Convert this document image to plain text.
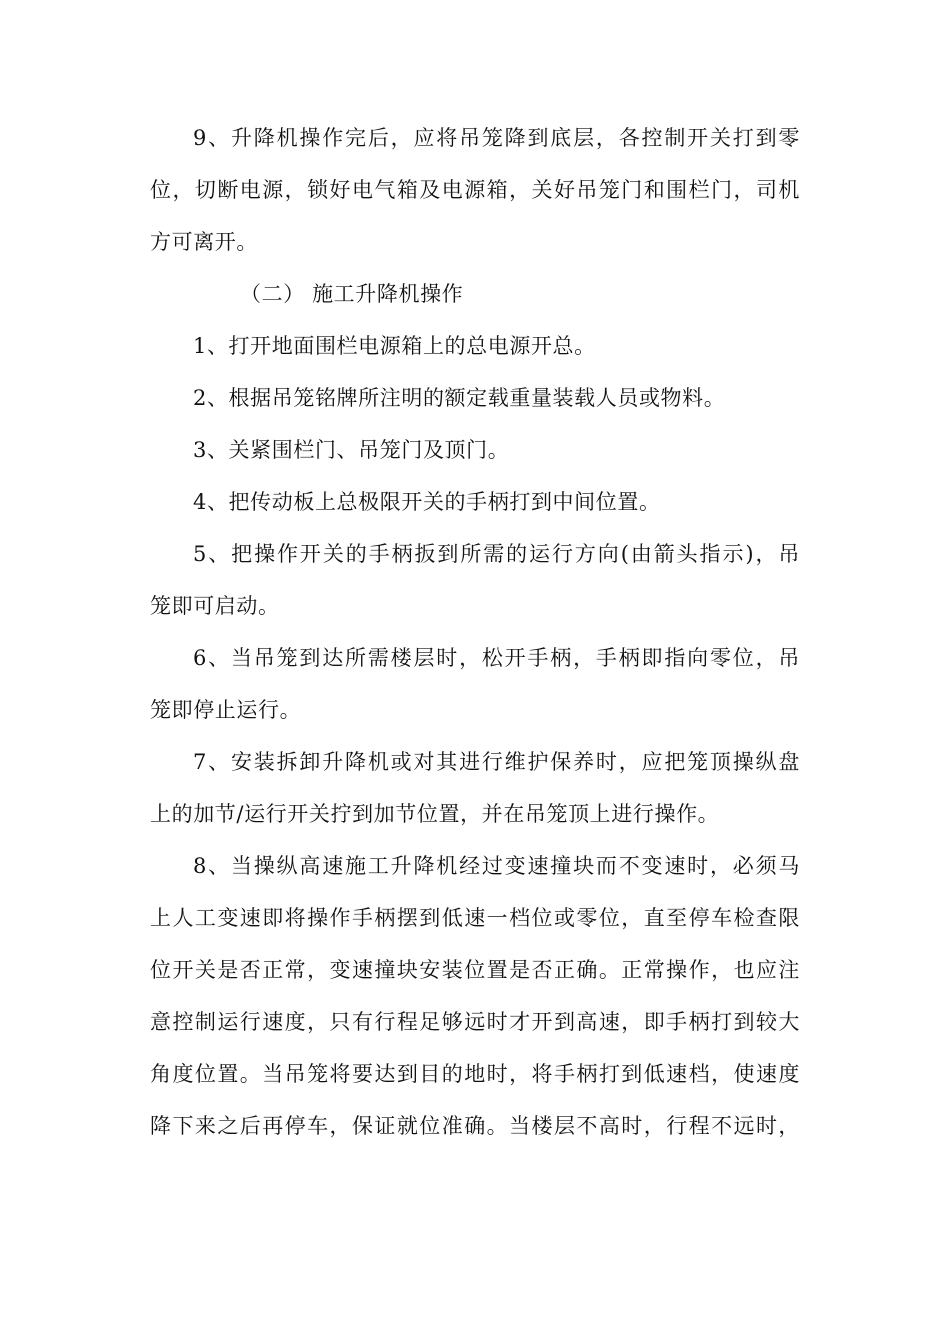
9、升降机操作完后，应将吊笼降到底层，各控制开关打到零
位，切断电源，锁好电气箱及电源箱，关好吊笼门和围栏门，司机
方可离开。
（二） 施工升降机操作
1、打开地面围栏电源箱上的总电源开总。
2、根据吊笼铭牌所注明的额定载重量装载人员或物料。
3、关紧围栏门、吊笼门及顶门。
4、把传动板上总极限开关的手柄打到中间位置。
5、把操作开关的手柄扳到所需的运行方向(由箭头指示)，吊
笼即可启动。
6、当吊笼到达所需楼层时，松开手柄，手柄即指向零位，吊
笼即停止运行。
7、安装拆卸升降机或对其进行维护保养时，应把笼顶操纵盘
上的加节/运行开关拧到加节位置，并在吊笼顶上进行操作。
8、当操纵高速施工升降机经过变速撞块而不变速时，必须马
上人工变速即将操作手柄摆到低速一档位或零位，直至停车检查限
位开关是否正常，变速撞块安装位置是否正确。正常操作，也应注
意控制运行速度，只有行程足够远时才开到高速，即手柄打到较大
角度位置。当吊笼将要达到目的地时，将手柄打到低速档，使速度
降下来之后再停车，保证就位准确。当楼层不高时，行程不远时，
